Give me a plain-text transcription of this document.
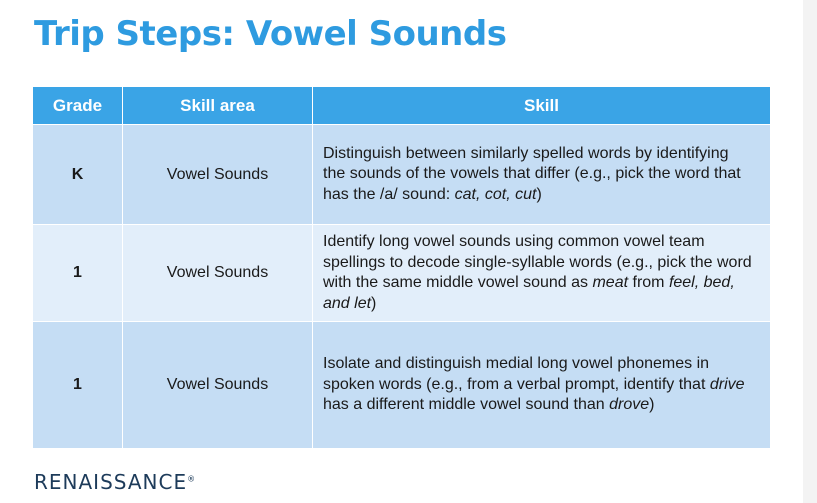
Trip Steps: Vowel Sounds
Grade	Skill area	Skill
K	Vowel Sounds	Distinguish between similarly spelled words by identifying the sounds of the vowels that differ (e.g., pick the word that has the /a/ sound: cat, cot, cut)
1	Vowel Sounds	Identify long vowel sounds using common vowel team spellings to decode single-syllable words (e.g., pick the word with the same middle vowel sound as meat from feel, bed, and let)
1	Vowel Sounds	Isolate and distinguish medial long vowel phonemes in spoken words (e.g., from a verbal prompt, identify that drive has a different middle vowel sound than drove)
RENAISSANCE®
